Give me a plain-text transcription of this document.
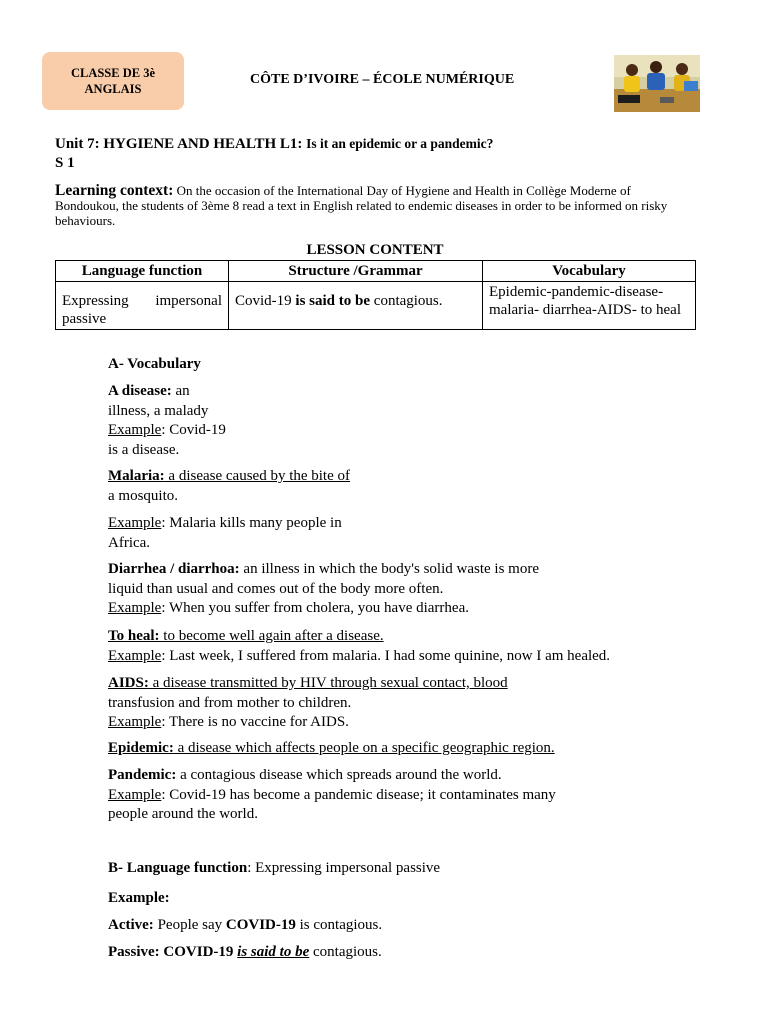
CLASSE DE 3è
ANGLAIS
CÔTE D’IVOIRE – ÉCOLE NUMÉRIQUE
Unit 7: HYGIENE AND HEALTH L1: Is it an epidemic or a pandemic?
S 1
Learning context: On the occasion of the International Day of Hygiene and Health in Collège Moderne of Bondoukou, the students of 3ème 8 read a text in English related to endemic diseases in order to be informed on risky behaviours.
LESSON CONTENT
Language function	Structure /Grammar	Vocabulary
Expressing impersonal passive	Covid-19 is said to be contagious.	Epidemic-pandemic-disease-malaria- diarrhea-AIDS- to heal
A- Vocabulary
A disease: an
illness, a malady
Example: Covid-19
is a disease.
Malaria: a disease caused by the bite of
a mosquito.
Example: Malaria kills many people in
Africa.
Diarrhea / diarrhoa: an illness in which the body's solid waste is more
liquid than usual and comes out of the body more often.
Example: When you suffer from cholera, you have diarrhea.
To heal: to become well again after a disease.
Example: Last week, I suffered from malaria. I had some quinine, now I am healed.
AIDS: a disease transmitted by HIV through sexual contact, blood
transfusion and from mother to children.
Example: There is no vaccine for AIDS.
Epidemic: a disease which affects people on a specific geographic region.
Pandemic: a contagious disease which spreads around the world.
Example: Covid-19 has become a pandemic disease; it contaminates many
people around the world.
B- Language function: Expressing impersonal passive
Example:
Active: People say COVID-19 is contagious.
Passive: COVID-19 is said to be contagious.
